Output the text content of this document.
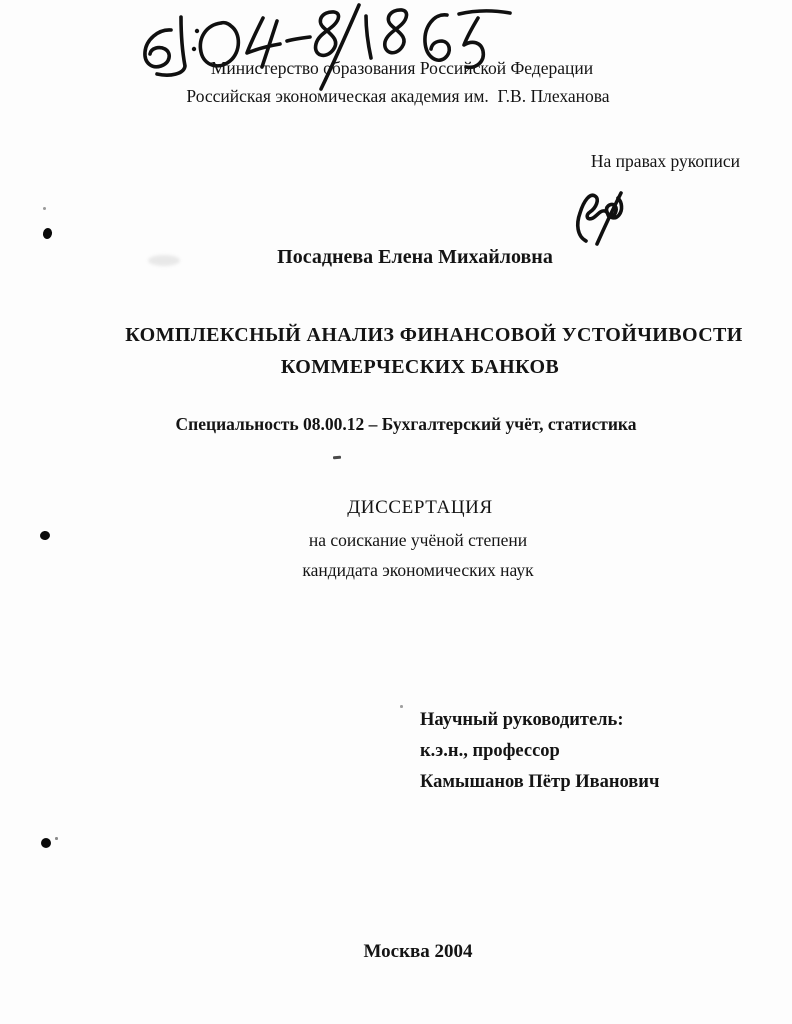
Министерство образования Российской Федерации
Российская экономическая академия им.  Г.В. Плеханова
На правах рукописи
Посаднева Елена Михайловна
КОМПЛЕКСНЫЙ АНАЛИЗ ФИНАНСОВОЙ УСТОЙЧИВОСТИ
КОММЕРЧЕСКИХ БАНКОВ
Специальность 08.00.12 – Бухгалтерский учёт, статистика
ДИССЕРТАЦИЯ
на соискание учёной степени
кандидата экономических наук
Научный руководитель:
к.э.н., профессор
Камышанов Пётр Иванович
Москва 2004
